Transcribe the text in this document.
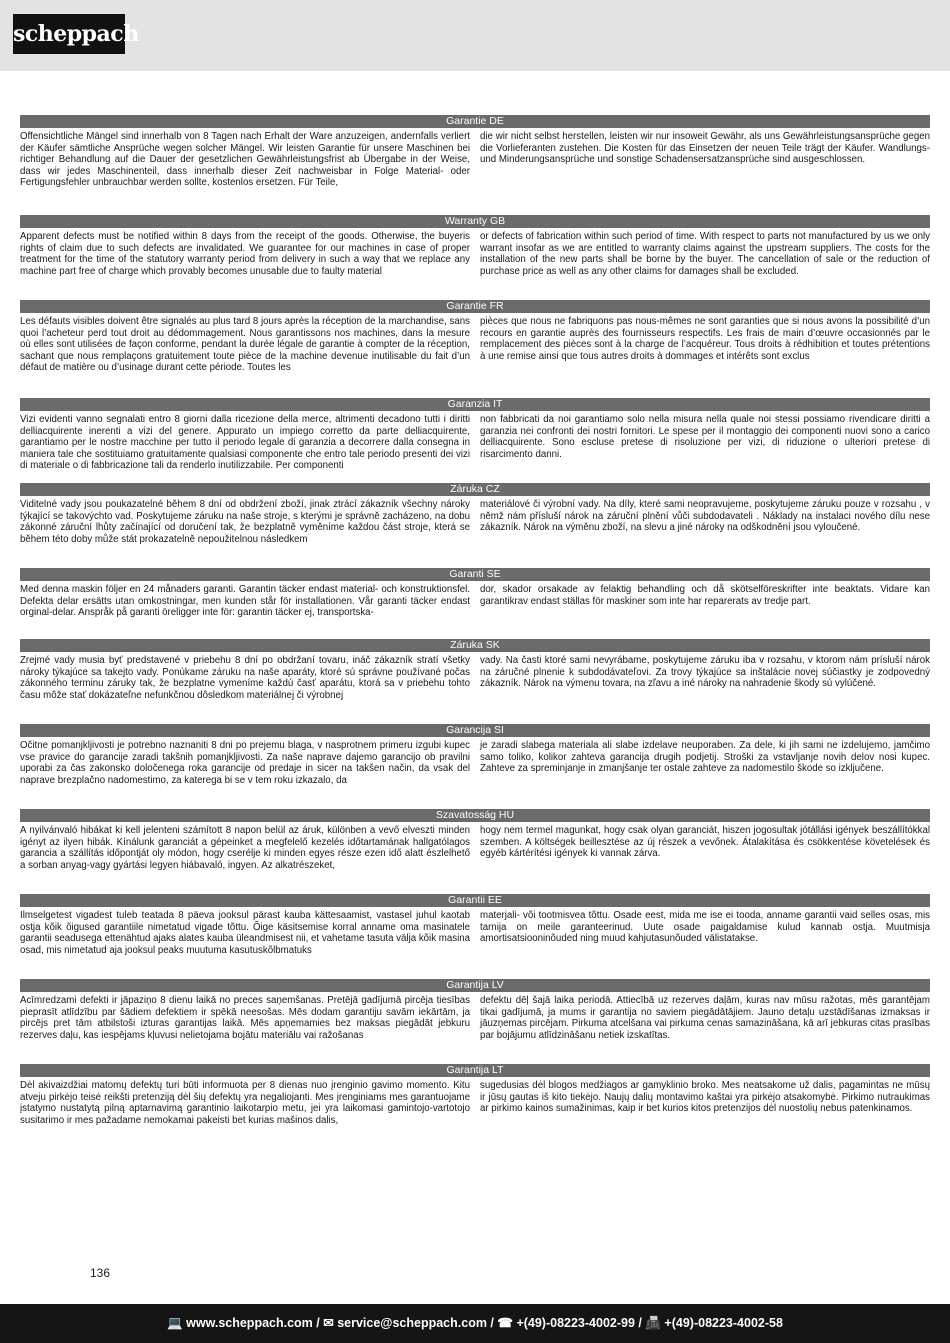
scheppach
Garantie DE

Offensichtliche Mängel sind innerhalb von 8 Tagen nach Erhalt der Ware anzuzeigen, andernfalls verliert der Käufer sämtliche Ansprüche wegen solcher Mängel. Wir leisten Garantie für unsere Maschinen bei richtiger Behandlung auf die Dauer der gesetzlichen Gewährleistungsfrist ab Übergabe in der Weise, dass wir jedes Maschinenteil, dass innerhalb dieser Zeit nachweisbar in Folge Material- oder Fertigungsfehler unbrauchbar werden sollte, kostenlos ersetzen. Für Teile,

die wir nicht selbst herstellen, leisten wir nur insoweit Gewähr, als uns Gewährleistungsansprüche gegen die Vorlieferanten zustehen. Die Kosten für das Einsetzen der neuen Teile trägt der Käufer. Wandlungs- und Minderungsansprüche und sonstige Schadensersatzansprüche sind ausgeschlossen.

Warranty GB

Apparent defects must be notified within 8 days from the receipt of the goods. Otherwise, the buyeris rights of claim due to such defects are invalidated. We guarantee for our machines in case of proper treatment for the time of the statutory warranty period from delivery in such a way that we replace any machine part free of charge which provably becomes unusable due to faulty material

or defects of fabrication within such period of time. With respect to parts not manufactured by us we only warrant insofar as we are entitled to warranty claims against the upstream suppliers. The costs for the installation of the new parts shall be borne by the buyer. The cancellation of sale or the reduction of purchase price as well as any other claims for damages shall be excluded.

Garantie FR

Les défauts visibles doivent être signalés au plus tard 8 jours après la réception de la marchandise, sans quoi l’acheteur perd tout droit au dédommagement. Nous garantissons nos machines, dans la mesure où elles sont utilisées de façon conforme, pendant la durée légale de garantie à compter de la réception, sachant que nous remplaçons gratuitement toute pièce de la machine devenue inutilisable du fait d’un défaut de matière ou d’usinage durant cette période. Toutes les

pièces que nous ne fabriquons pas nous-mêmes ne sont garanties que si nous avons la possibilité d’un recours en garantie auprès des fournisseurs respectifs. Les frais de main d’œuvre occasionnés par le remplacement des pièces sont à la charge de l’acquéreur. Tous droits à rédhibition et toutes prétentions à une remise ainsi que tous autres droits à dommages et intérêts sont exclus

Garanzia IT

Vizi evidenti vanno segnalati entro 8 giorni dalla ricezione della merce, altrimenti decadono tutti i diritti delliacquirente inerenti a vizi del genere. Appurato un impiego corretto da parte delliacquirente, garantiamo per le nostre macchine per tutto il periodo legale di garanzia a decorrere dalla consegna in maniera tale che sostituiamo gratuitamente qualsiasi componente che entro tale periodo presenti dei vizi di materiale o di fabbricazione tali da renderlo inutilizzabile. Per componenti

non fabbricati da noi garantiamo solo nella misura nella quale noi stessi possiamo rivendicare diritti a garanzia nei confronti dei nostri fornitori. Le spese per il montaggio dei componenti nuovi sono a carico delliacquirente. Sono escluse pretese di risoluzione per vizi, di riduzione o ulteriori pretese di risarcimento danni.

Záruka CZ

Viditelné vady jsou poukazatelné během 8 dní od obdržení zboží, jinak ztrácí zákazník všechny nároky týkající se takovýchto vad. Poskytujeme záruku na naše stroje, s kterými je správně zacházeno, na dobu zákonné záruční lhůty začínající od doručení tak, že bezplatně vyměníme každou část stroje, která se během této doby může stát prokazatelně nepoužitelnou následkem

materiálové či výrobní vady. Na díly, které sami neopravujeme, poskytujeme záruku pouze v rozsahu , v němž nám přísluší nárok na záruční plnění vůči subdodavateli . Náklady na instalaci nového dílu nese zákazník. Nárok na výměnu zboží, na slevu a jiné nároky na odškodnění jsou vyloučené.

Garanti SE

Med denna maskin följer en 24 månaders garanti. Garantin täcker endast material- och konstruktionsfel. Defekta delar ersätts utan omkostningar, men kunden står för installationen. Vår garanti täcker endast orginal-delar. Anspråk på garanti öreligger inte för: garantin täcker ej, transportska-

dor, skador orsakade av felaktig behandling och då skötselföreskrifter inte beaktats. Vidare kan garantikrav endast ställas för maskiner som inte har reparerats av tredje part.

Záruka SK

Zrejmé vady musia byť predstavené v priebehu 8 dní po obdržaní tovaru, ináč zákazník stratí všetky nároky týkajúce sa takejto vady. Ponúkame záruku na naše aparáty, ktoré sú správne používané počas zákonného terminu záruky tak, že bezplatne vymeníme každú časť aparátu, ktorá sa v priebehu tohto času môže stať dokázateľne nefunkčnou dôsledkom materiálnej či výrobnej

vady. Na časti ktoré sami nevyrábame, poskytujeme záruku iba v rozsahu, v ktorom nám prísluší nárok na záručné plnenie k subdodávateľovi. Za trovy týkajúce sa inštalácie novej súčiastky je zodpovedný zákazník. Nárok na výmenu tovara, na zľavu a iné nároky na nahradenie škody sú vylúčené.

Garancija SI

Očitne pomanjkljivosti je potrebno naznaniti 8 dni po prejemu blaga, v nasprotnem primeru izgubi kupec vse pravice do garancije zaradi takšnih pomanjkljivosti. Za naše naprave dajemo garancijo ob pravilni uporabi za čas zakonsko določenega roka garancije od predaje in sicer na takšen način, da vsak del naprave brezplačno nadomestimo, za katerega bi se v tem roku izkazalo, da

je zaradi slabega materiala ali slabe izdelave neuporaben. Za dele, ki jih sami ne izdelujemo, jamčimo samo toliko, kolikor zahteva garancija drugih podjetij. Stroški za vstavljanje novih delov nosi kupec. Zahteve za spreminjanje in zmanjšanje ter ostale zahteve za nadomestilo škode so izključene.

Szavatosság HU

A nyilvánvaló hibákat ki kell jelenteni számított 8 napon belül az áruk, különben a vevő elveszti minden igényt az ilyen hibák. Kínálunk garanciát a gépeinket a megfelelő kezelés időtartamának hallgatólagos garancia a szállítás időpontját oly módon, hogy cserélje ki minden egyes része ezen idő alatt észlelhető a sorban anyag-vagy gyártási legyen hiábavaló, ingyen. Az alkatrészeket,

hogy nem termel magunkat, hogy csak olyan garanciát, hiszen jogosultak jótállási igények beszállítókkal szemben. A költségek beillesztése az új részek a vevőnek. Átalakítása és csökkentése követelések és egyéb kártérítési igények ki vannak zárva.

Garantii EE

Ilmselgetest vigadest tuleb teatada 8 päeva jooksul pärast kauba kättesaamist, vastasel juhul kaotab ostja kõik õigused garantiile nimetatud vigade tõttu. Õige käsitsemise korral anname oma masinatele garantii seadusega ettenähtud ajaks alates kauba üleandmisest nii, et vahetame tasuta välja kõik masina osad, mis nimetatud aja jooksul peaks muutuma kasutuskõlbmatuks

materjali- või tootmisvea tõttu. Osade eest, mida me ise ei tooda, anname garantii vaid selles osas, mis tarnija on meile garanteerinud. Uute osade paigaldamise kulud kannab ostja. Muutmisja amortisatsiooninõuded ning muud kahjutasunõuded välistatakse.

Garantija LV

Acīmredzami defekti ir jāpaziņo 8 dienu laikā no preces saņemšanas. Pretējā gadījumā pircēja tiesības pieprasīt atlīdzību par šādiem defektiem ir spēkā neesošas. Mēs dodam garantiju savām iekārtām, ja pircējs pret tām atbilstoši izturas garantijas laikā. Mēs apņemamies bez maksas piegādāt jebkuru rezerves daļu, kas iespējams kļuvusi nelietojama bojātu materiālu vai ražošanas

defektu dēļ šajā laika periodā. Attiecībā uz rezerves daļām, kuras nav mūsu ražotas, mēs garantējam tikai gadījumā, ja mums ir garantija no saviem piegādātājiem. Jauno detaļu uzstādīšanas izmaksas ir jāuzņemas pircējam. Pirkuma atcelšana vai pirkuma cenas samazināšana, kā arī jebkuras citas prasības par bojājumu atlīdzināšanu netiek izskatītas.

Garantija LT

Dėl akivaizdžiai matomų defektų turi būti informuota per 8 dienas nuo įrenginio gavimo momento. Kitu atveju pirkėjo teisė reikšti pretenziją dėl šių defektų yra negaliojanti. Mes įrenginiams mes garantuojame įstatymo nustatytą pilną aptarnavimą garantinio laikotarpio metu, jei yra laikomasi gamintojo-vartotojo susitarimo ir mes pažadame nemokamai pakeisti bet kurias mašinos dalis,

sugedusias dėl blogos medžiagos ar gamyklinio broko. Mes neatsakome už dalis, pagamintas ne mūsų ir jūsų gautas iš kito tiekėjo. Naujų dalių montavimo kaštai yra pirkėjo atsakomybė. Pirkimo nutraukimas ar pirkimo kainos sumažinimas, kaip ir bet kurios kitos pretenzijos dėl nuostolių nebus patenkinamos.

136
💻 www.scheppach.com / ✉ service@scheppach.com / ☎ +(49)-08223-4002-99 / 📠 +(49)-08223-4002-58
